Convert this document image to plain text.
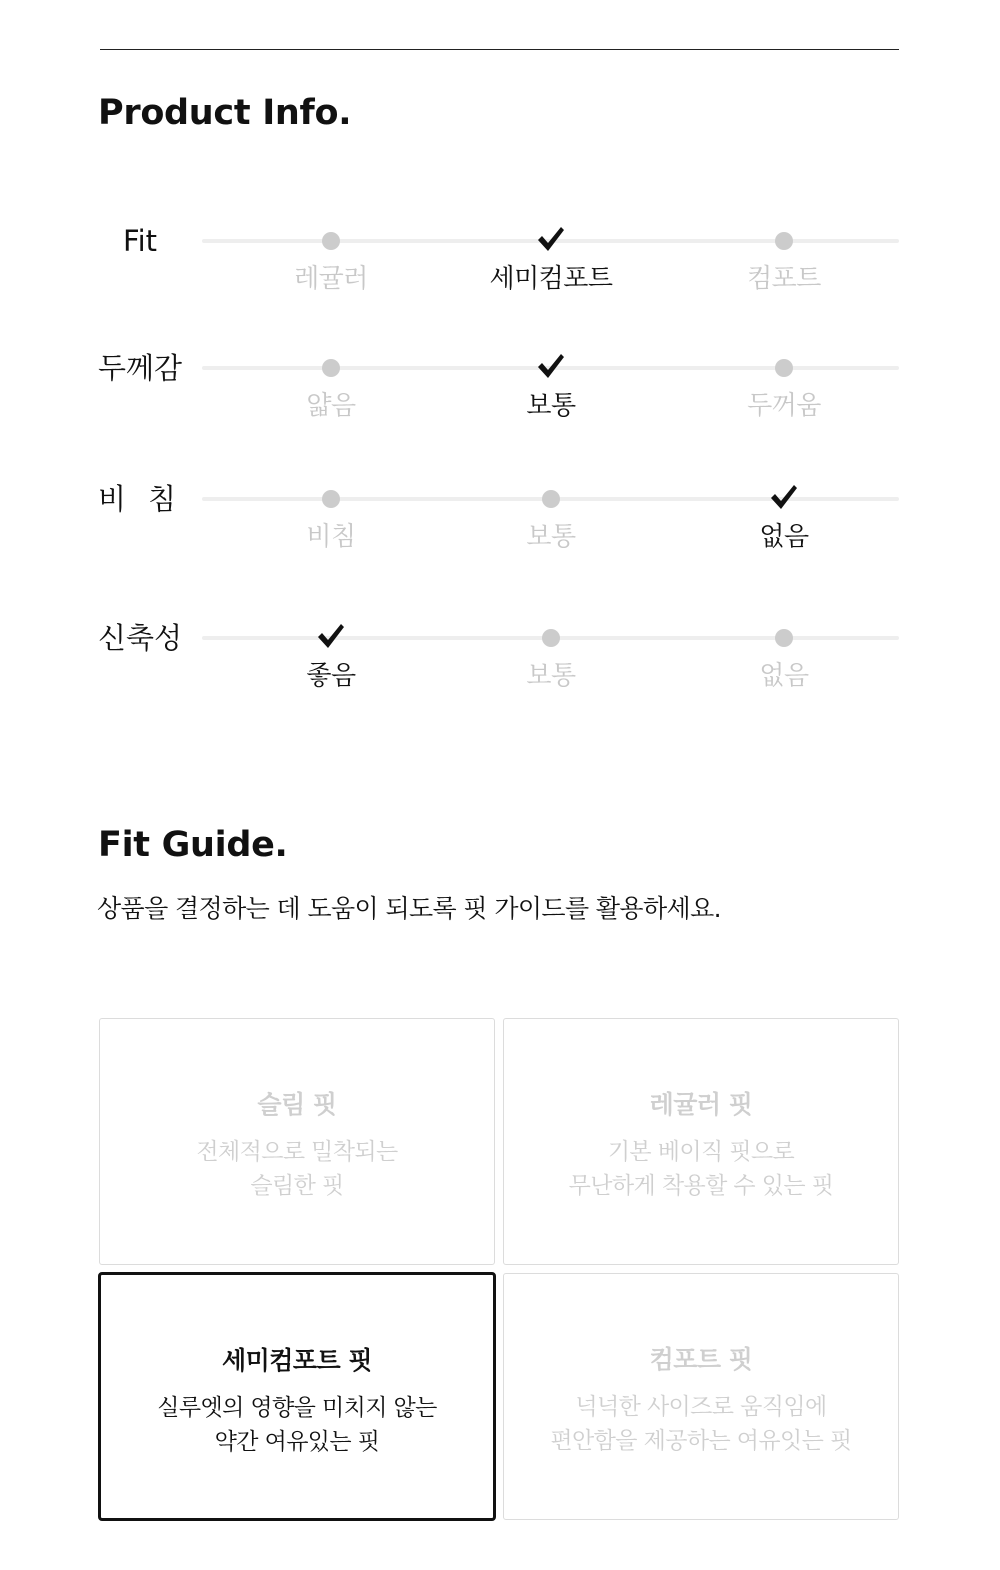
Product Info.
Fit
레귤러	세미컴포트	컴포트
두께감
얇음	보통	두꺼움
비침
비침	보통	없음
신축성
좋음	보통	없음
Fit Guide.

상품을 결정하는 데 도움이 되도록 핏 가이드를 활용하세요.

슬림 핏
전체적으로 밀착되는
슬림한 핏
레귤러 핏
기본 베이직 핏으로
무난하게 착용할 수 있는 핏
세미컴포트 핏
실루엣의 영향을 미치지 않는
약간 여유있는 핏
컴포트 핏
넉넉한 사이즈로 움직임에
편안함을 제공하는 여유잇는 핏
